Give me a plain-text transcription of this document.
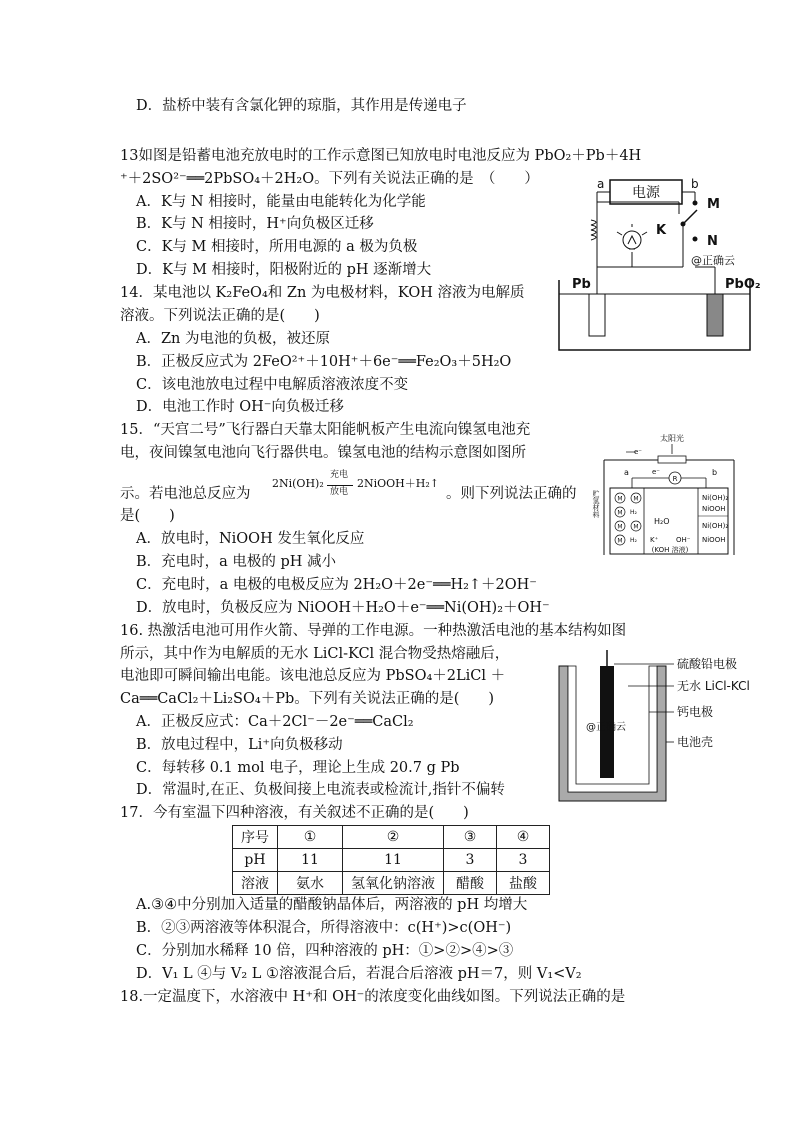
D．盐桥中装有含氯化钾的琼脂，其作用是传递电子
13如图是铅蓄电池充放电时的工作示意图已知放电时电池反应为 PbO₂＋Pb＋4H
⁺＋2SO²⁻══2PbSO₄＋2H₂O。下列有关说法正确的是　（　　）
A．K与 N 相接时，能量由电能转化为化学能
B．K与 N 相接时，H⁺向负极区迁移
C．K与 M 相接时，所用电源的 a 极为负极
D．K与 M 相接时，阳极附近的 pH 逐渐增大
电源
a	b
M
K
N
@正确云
Pb	PbO₂
14．某电池以 K₂FeO₄和 Zn 为电极材料，KOH 溶液为电解质
溶液。下列说法正确的是(　　)
A．Zn 为电池的负极，被还原
B．正极反应式为 2FeO²⁺＋10H⁺＋6e⁻══Fe₂O₃＋5H₂O
C．该电池放电过程中电解质溶液浓度不变
D．电池工作时 OH⁻向负极迁移
15．“天宫二号”飞行器白天靠太阳能帆板产生电流向镍氢电池充
电，夜间镍氢电池向飞行器供电。镍氢电池的结构示意图如图所
示。若电池总反应为
2Ni(OH)₂
充电
放电
2NiOOH＋H₂↑
。则下列说法正确的
是(　　)
A．放电时，NiOOH 发生氧化反应
B．充电时，a 电极的 pH 减小
C．充电时，a 电极的电极反应为 2H₂O＋2e⁻══H₂↑＋2OH⁻
D．放电时，负极反应为 NiOOH＋H₂O＋e⁻══Ni(OH)₂＋OH⁻
太阳光
e⁻
R
e⁻
a	b
贮氢材料	M
M
M
M
M
M
H₂
H₂
H₂O
K⁺	OH⁻
(KOH 溶液)
Ni(OH)₂
NiOOH
Ni(OH)₂
NiOOH
16. 热激活电池可用作火箭、导弹的工作电源。一种热激活电池的基本结构如图
所示，其中作为电解质的无水 LiCl-KCl 混合物受热熔融后，
电池即可瞬间输出电能。该电池总反应为 PbSO₄＋2LiCl ＋
Ca══CaCl₂＋Li₂SO₄＋Pb。下列有关说法正确的是(　　)
A．正极反应式：Ca＋2Cl⁻－2e⁻══CaCl₂
B．放电过程中，Li⁺向负极移动
C．每转移 0.1 mol 电子，理论上生成 20.7 g Pb
D．常温时,在正、负极间接上电流表或检流计,指针不偏转
@正确云
硫酸铅电极
无水 LiCl-KCl
钙电极
电池壳
17．今有室温下四种溶液，有关叙述不正确的是(　　)
序号	①	②	③	④
pH	11	11	3	3
溶液	氨水	氢氧化钠溶液	醋酸	盐酸
A.③④中分别加入适量的醋酸钠晶体后，两溶液的 pH 均增大
B．②③两溶液等体积混合，所得溶液中：c(H⁺)>c(OH⁻)
C．分别加水稀释 10 倍，四种溶液的 pH：①>②>④>③
D．V₁ L ④与 V₂ L ①溶液混合后，若混合后溶液 pH＝7，则 V₁<V₂
18.一定温度下，水溶液中 H⁺和 OH⁻的浓度变化曲线如图。下列说法正确的是
